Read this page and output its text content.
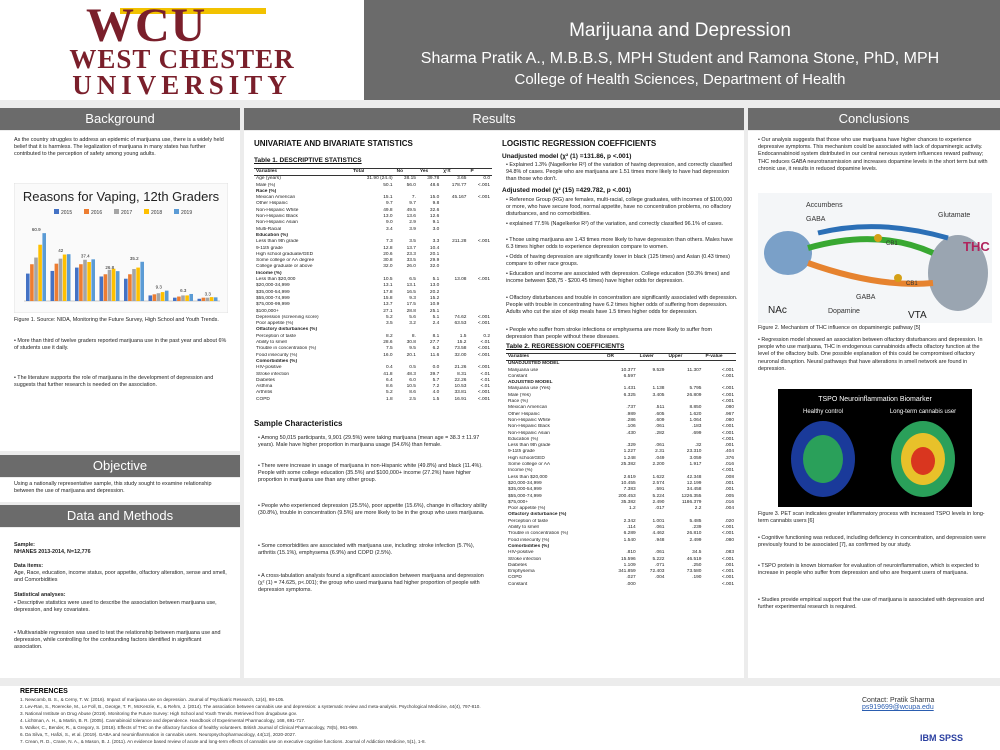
WCU
WEST CHESTER
UNIVERSITY
Marijuana and Depression
Sharma Pratik A., M.B.B.S, MPH Student and Ramona Stone, PhD, MPH
College of Health Sciences, Department of Health
Background
As the country struggles to address an epidemic of marijuana use, there is a widely held belief that it is harmless. The legalization of marijuana in many states has further contributed to the perception of safety among young adults.
Reasons for Vaping, 12th Graders
2015	2016	2017	2018	2019
60.9
42
37.4
26.8
35.2
9.3
6.3
3.3
Figure 1. Source: NIDA, Monitoring the Future Survey, High School and Youth Trends.
• More than third of twelve graders reported marijuana use in the past year and about 6% of students use it daily.
• The literature supports the role of marijuana in the development of depression and suggests that further research is needed on the association.
Objective
Using a nationally representative sample, this study sought to examine relationship between the use of marijuana and depression.
Data and Methods
Sample:
NHANES 2013-2014, N=12,776
Data items:
Age, Race, education, income status, poor appetite, olfactory alteration, sense and smell, and Comorbidities
Statistical analyses:
• Descriptive statistics were used to describe the association between marijuana use, depression, and key covariates.
• Multivariable regression was used to test the relationship between marijuana use and depression, while controlling for the confounding factors identified in significant association.
Results
UNIVARIATE AND BIVARIATE STATISTICS
Table 1. DESCRIPTIVE STATISTICS
Variables	Total	No	Yes	χ²/t	P
Age (years)	31.90 (24.4)	38.15	39.78	3.65	0.0
Male (%)	50.1	56.0	48.6	178.77	<.001
Race (%)					
Mexican American	15.1	7.	15.0	45.167	<.001
Other Hispanic	9.7	9.7	9.8		
Non-Hispanic White	49.8	49.5	32.6		
Non-Hispanic Black	13.0	13.6	12.6		
Non-Hispanic Asian	9.0	2.9	9.1		
Multi-Racial	3.4	3.9	3.0		
Education (%)					
Less than 9th grade	7.3	3.5	3.3	211.28	<.001
9-11th grade	12.8	13.7	10.4		
High school graduate/GED	20.6	23.3	20.1		
Some college or AA degree	30.8	33.5	29.9		
College graduate or above	32.0	26.0	32.0		
Income (%)					
Less than $20,000	10.5	6.5	5.1	13.08	<.001
$20,000-34,999	13.1	13.1	13.0		
$35,000-54,999	17.8	16.5	20.2		
$55,000-74,999	15.8	9.3	15.2		
$75,000-99,999	13.7	17.5	10.9		
$100,000+	27.1	28.8	25.1		
Depression (screening score)	5.2	5.6	5.1	74.62	<.001
Poor appetite (%)	3.5	3.2	2.4	63.53	<.001
Olfactory disturbances (%)					
Perception of taste	8.2	8.	8.1	1.5	0.2
Ability to smell	28.6	30.8	27.7	15.2	<.01
Trouble in concentration (%)	7.5	9.5	6.2	73.58	<.001
Food insecurity (%)	16.0	20.1	11.6	32.00	<.001
Comorbidities (%)					
HIV-positive	0.4	0.5	0.0	21.26	<.001
Stroke infection	41.8	48.3	39.7	8.31	<.01
Diabetes	6.4	6.0	5.7	22.26	<.01
Asthma	8.6	10.5	7.2	10.53	<.01
Arthritis	5.2	8.6	4.0	33.81	<.001
COPD	1.8	2.5	1.5	16.91	<.001
Sample Characteristics
• Among 50,015 participants, 9,901 (29.5%) were taking marijuana (mean age = 38.3 ± 11.97 years). Male have higher proportion in marijuana usage (54.6%) than female.
• There were increase in usage of marijuana in non-Hispanic white (49.8%) and black (11.4%). People with some college education (35.5%) and $100,000+ income (27.2%) have higher proportion in marijuana use than any other group.
• People who experienced depression (25.5%), poor appetite (15.6%), change in olfactory ability (30.8%), trouble in concentration (9.5%) are more likely to be in the group who uses marijuana.
• Some comorbidities are associated with marijuana use, including: stroke infection (5.7%), arthritis (15.1%), emphysema (6.9%) and COPD (2.5%).
• A cross-tabulation analysis found a significant association between marijuana and depression (χ² (1) = 74.625, p<.001); the group who used marijuana had higher proportion of people with depression symptoms.
LOGISTIC REGRESSION COEFFICIENTS
Unadjusted model (χ² (1) =131.86, p <.001)
• Explained 1.3% (Nagelkerke R²) of the variation of having depression, and correctly classified 94.8% of cases. People who are marijuana are 1.51 times more likely to have had depression than those who don't.
Adjusted model (χ² (15) =429.782, p <.001)
• Reference Group (RG) are females, multi-racial, college graduates, with incomes of $100,000 or more, who have secure food, normal appetite, have no concentration problems, no olfactory disturbances, and no comorbidities.
• explained 77.5% (Nagelkerke R²) of the variation, and correctly classified 96.1% of cases.
• Those using marijuana are 1.43 times more likely to have depression than others. Males have 6.3 times higher odds to experience depression compare to women.
• Odds of having depression are significantly lower in black (125 times) and Asian (0.43 times) compare to other race groups.
• Education and income are associated with depression. College education (59.3% times) and income between $38,75 - $200.45 times) have higher odds for depression.
• Olfactory disturbances and trouble in concentration are significantly associated with depression. People with trouble in concentrating have 6.2 times higher odds of suffering from depression. Adults who cut the size of skip meals have 1.5 times higher odds for depression.
• People who suffer from stroke infections or emphysema are more likely to suffer from depression than people without these diseases.
Table 2. REGRESSION COEFFICIENTS
Variables	OR	Lower	Upper	P-value
UNADJUSTED MODEL				
Marijuana use	10.377	9.529	11.307	<.001
Constant	6.597			<.001
ADJUSTED MODEL				
Marijuana use (Yes)	1.431	1.138	5.795	<.001
Male (Yes)	6.325	3.405	26.809	<.001
Race (%)				<.001
Mexican American	.737	.511	8.850	.080
Other Hispanic	.989	.605	1.620	.967
Non-Hispanic White	.286	.609	1.064	.080
Non-Hispanic Black	.106	.061	.183	<.001
Non-Hispanic Asian	.430	.282	.699	<.001
Education (%)				<.001
Less than 9th grade	.329	.061	.32	.001
9-11th grade	1.227	2.31	23.310	.404
High school/GED	1.248	.049	3.059	.376
Some college or AA	25.382	2.200	1.917	.016
Income (%)				<.001
Less than $20,000	2.619	1.622	42.348	.008
$20,000-34,999	10.455	2.574	12.199	.001
$35,000-54,999	7.383	.591	34.458	.001
$55,000-74,999	200.453	5.224	1226.355	.005
$75,000+	35.382	2.490	1186.379	.016
Poor appetite (%)	1.2	.017	2.2	.004
Olfactory disturbance (%)				
Perception of taste	2.342	1.001	5.485	.020
Ability to smell	.114	.061	.239	<.001
Trouble in concentration (%)	6.289	4.462	26.810	<.001
Food insecurity (%)	1.540	.948	2.499	.080
Comorbidities (%)				
HIV-positive	.810	.061	34.5	.083
Stroke infection	15.596	5.222	46.519	<.001
Diabetes	1.109	.071	.250	.001
Emphysema	341.859	72.403	73.580	<.001
COPD	.027	.004	.190	<.001
Constant	.000			<.001
Conclusions
• Our analysis suggests that those who use marijuana have higher chances to experience depressive symptoms. This mechanism could be associated with lack of dopaminergic activity. Endocannabinoid system distributed in our central nervous system influences reward pathway; THC reduces GABA neurotransmission and increases dopamine levels in the short term but with chronic use, it results in reduced dopamine levels.
Accumbens
GABA
Glutamate
CB1
CB1
GABA
Dopamine
THC
NAc	VTA
Figure 2. Mechanism of THC influence on dopaminergic pathway [5]
• Regression model showed an association between olfactory disturbances and depression. In people who use marijuana, THC in endogenous cannabinoids affects olfactory function at the level of the olfactory bulb. One possible explanation of this could be compromised olfactory neuronal disruption. Neural pathways that have alterations in smell network are found in depression.
TSPO Neuroinflammation Biomarker
Healthy control	Long-term cannabis user
Figure 3. PET scan indicates greater inflammatory process with increased TSPO levels in long-term cannabis users [6]
• Cognitive functioning was reduced, including deficiency in concentration, and depression were previously found to be associated [7], as confirmed by our study.
• TSPO protein is known biomarker for evaluation of neuroinflammation, which is expected to increase in people who suffer from depression and who are frequent users of marijuana.
• Studies provide empirical support that the use of marijuana is associated with depression and further experimental research is required.
REFERENCES
1. Newcomb, B. S., & Cerny, T. W. (2016). Impact of marijuana use on depression. Journal of Psychiatric Research, 12(4), 98-105.
2. Lev-Ran, S., Roerecke, M., Le Foll, B., George, T. P., McKenzie, K., & Rehm, J. (2014). The association between cannabis use and depression: a systematic review and meta-analysis. Psychological Medicine, 44(4), 797-810.
3. National Institute on Drug Abuse (2019). Monitoring the Future Survey: High School and Youth Trends. Retrieved from drugabuse.gov.
4. Lichtman, A. H., & Martin, B. R. (2005). Cannabinoid tolerance and dependence. Handbook of Experimental Pharmacology, 168, 691-717.
5. Walker, C., Bender, R., & Gregory, S. (2018). Effects of THC on the olfactory function of healthy volunteers. British Journal of Clinical Pharmacology, 78(5), 961-969.
6. Da Silva, T., Hafizi, S., et al. (2019). GABA and neuroinflammation in cannabis users. Neuropsychopharmacology, 44(12), 2020-2027.
7. Crean, R. D., Crane, N. A., & Mason, B. J. (2011). An evidence based review of acute and long-term effects of cannabis use on executive cognitive functions. Journal of Addiction Medicine, 5(1), 1-8.
Contact: Pratik Sharma
ps919699@wcupa.edu
IBM SPSS
